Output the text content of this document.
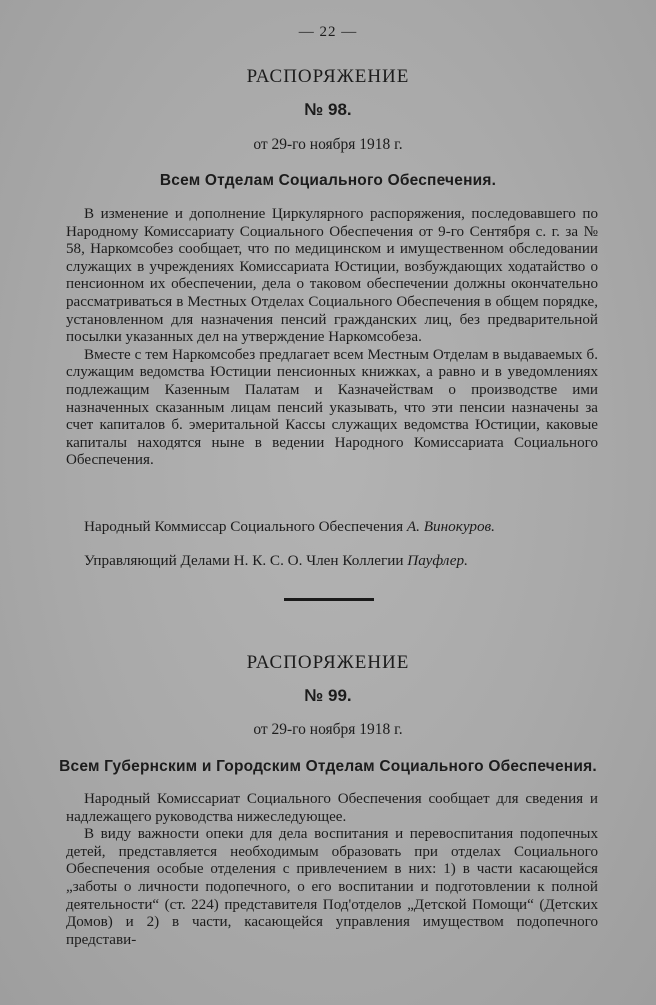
— 22 —
РАСПОРЯЖЕНИЕ
№ 98.
от 29-го ноября 1918 г.
Всем Отделам Социального Обеспечения.

В изменение и дополнение Циркулярного распоряжения, последовавшего по Народному Комиссариату Социального Обеспечения от 9-го Сентября с. г. за № 58, Наркомсобез сообщает, что по медицинском и имущественном обследовании служащих в учреждениях Комиссариата Юстиции, возбуждающих ходатайство о пенсионном их обеспечении, дела о таковом обеспечении должны окончательно рассматриваться в Местных Отделах Социального Обеспечения в общем порядке, установленном для назначения пенсий гражданских лиц, без предварительной посылки указанных дел на утверждение Наркомсобеза.

Вместе с тем Наркомсобез предлагает всем Местным Отделам в выдаваемых б. служащим ведомства Юстиции пенсионных книжках, а равно и в уведомлениях подлежащим Казенным Палатам и Казначействам о производстве ими назначенных сказанным лицам пенсий указывать, что эти пенсии назначены за счет капиталов б. эмеритальной Кассы служащих ведомства Юстиции, каковые капиталы находятся ныне в ведении Народного Комиссариата Социального Обеспечения.

Народный Коммиссар Социального Обеспечения А. Винокуров.
Управляющий Делами Н. К. С. О. Член Коллегии Пауфлер.
РАСПОРЯЖЕНИЕ
№ 99.
от 29-го ноября 1918 г.
Всем Губернским и Городским Отделам Социального Обеспечения.

Народный Комиссариат Социального Обеспечения сообщает для сведения и надлежащего руководства нижеследующее.

В виду важности опеки для дела воспитания и перевоспитания подопечных детей, представляется необходимым образовать при отделах Социального Обеспечения особые отделения с привлечением в них: 1) в части касающейся „заботы о личности подопечного, о его воспитании и подготовлении к полной деятельности“ (ст. 224) представителя Под'отделов „Детской Помощи“ (Детских Домов) и 2) в части, касающейся управления имуществом подопечного представи-
